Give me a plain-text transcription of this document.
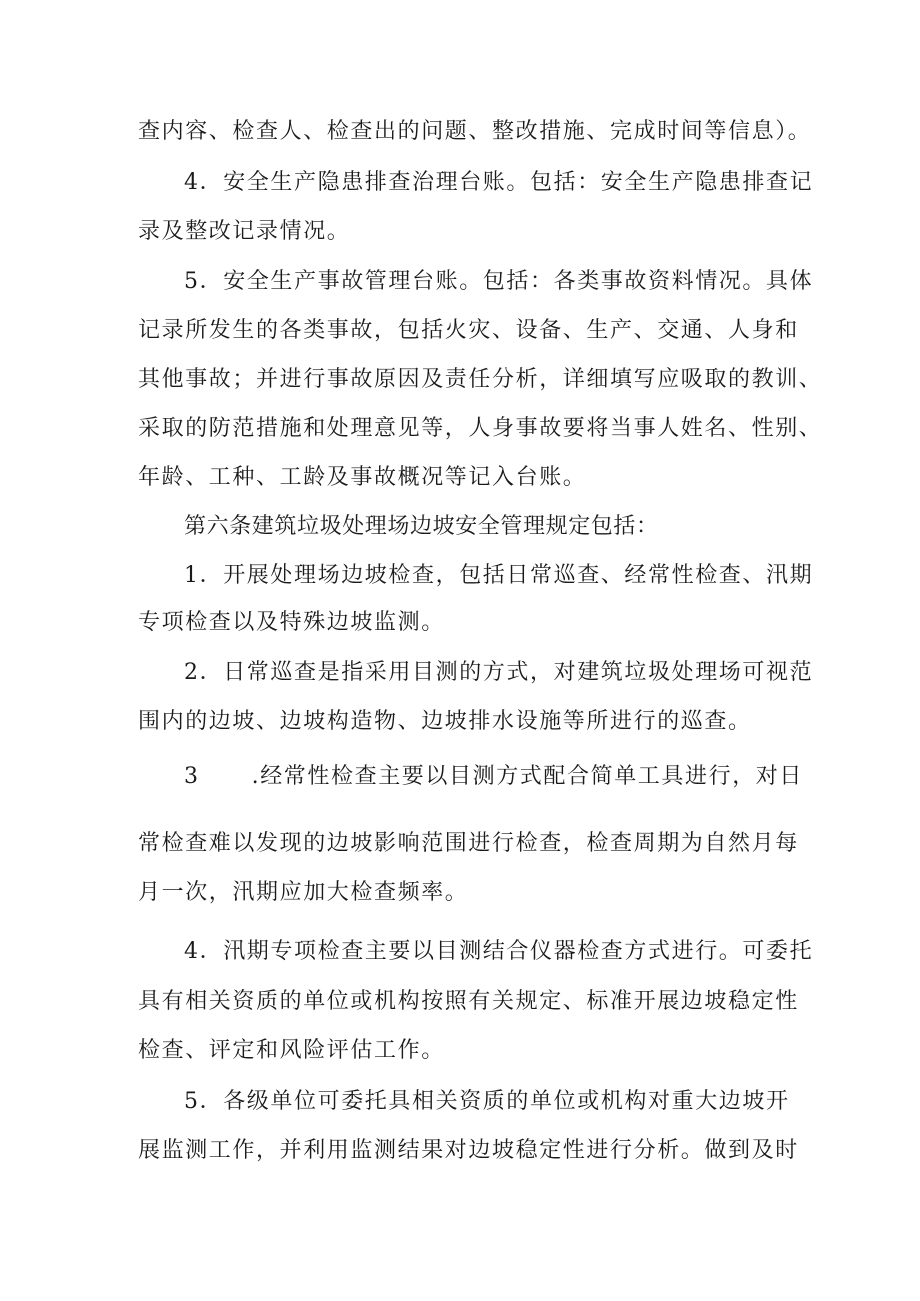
查内容、检查人、检查出的问题、整改措施、完成时间等信息）。
4．安全生产隐患排查治理台账。包括：安全生产隐患排查记
录及整改记录情况。
5．安全生产事故管理台账。包括：各类事故资料情况。具体
记录所发生的各类事故，包括火灾、设备、生产、交通、人身和
其他事故；并进行事故原因及责任分析，详细填写应吸取的教训、
采取的防范措施和处理意见等，人身事故要将当事人姓名、性别、
年龄、工种、工龄及事故概况等记入台账。
第六条建筑垃圾处理场边坡安全管理规定包括：
1．开展处理场边坡检查，包括日常巡查、经常性检查、汛期
专项检查以及特殊边坡监测。
2．日常巡查是指采用目测的方式，对建筑垃圾处理场可视范
围内的边坡、边坡构造物、边坡排水设施等所进行的巡查。
3 .经常性检查主要以目测方式配合简单工具进行，对日
常检查难以发现的边坡影响范围进行检查，检查周期为自然月每
月一次，汛期应加大检查频率。
4．汛期专项检查主要以目测结合仪器检查方式进行。可委托
具有相关资质的单位或机构按照有关规定、标准开展边坡稳定性
检查、评定和风险评估工作。
5．各级单位可委托具相关资质的单位或机构对重大边坡开
展监测工作，并利用监测结果对边坡稳定性进行分析。做到及时
